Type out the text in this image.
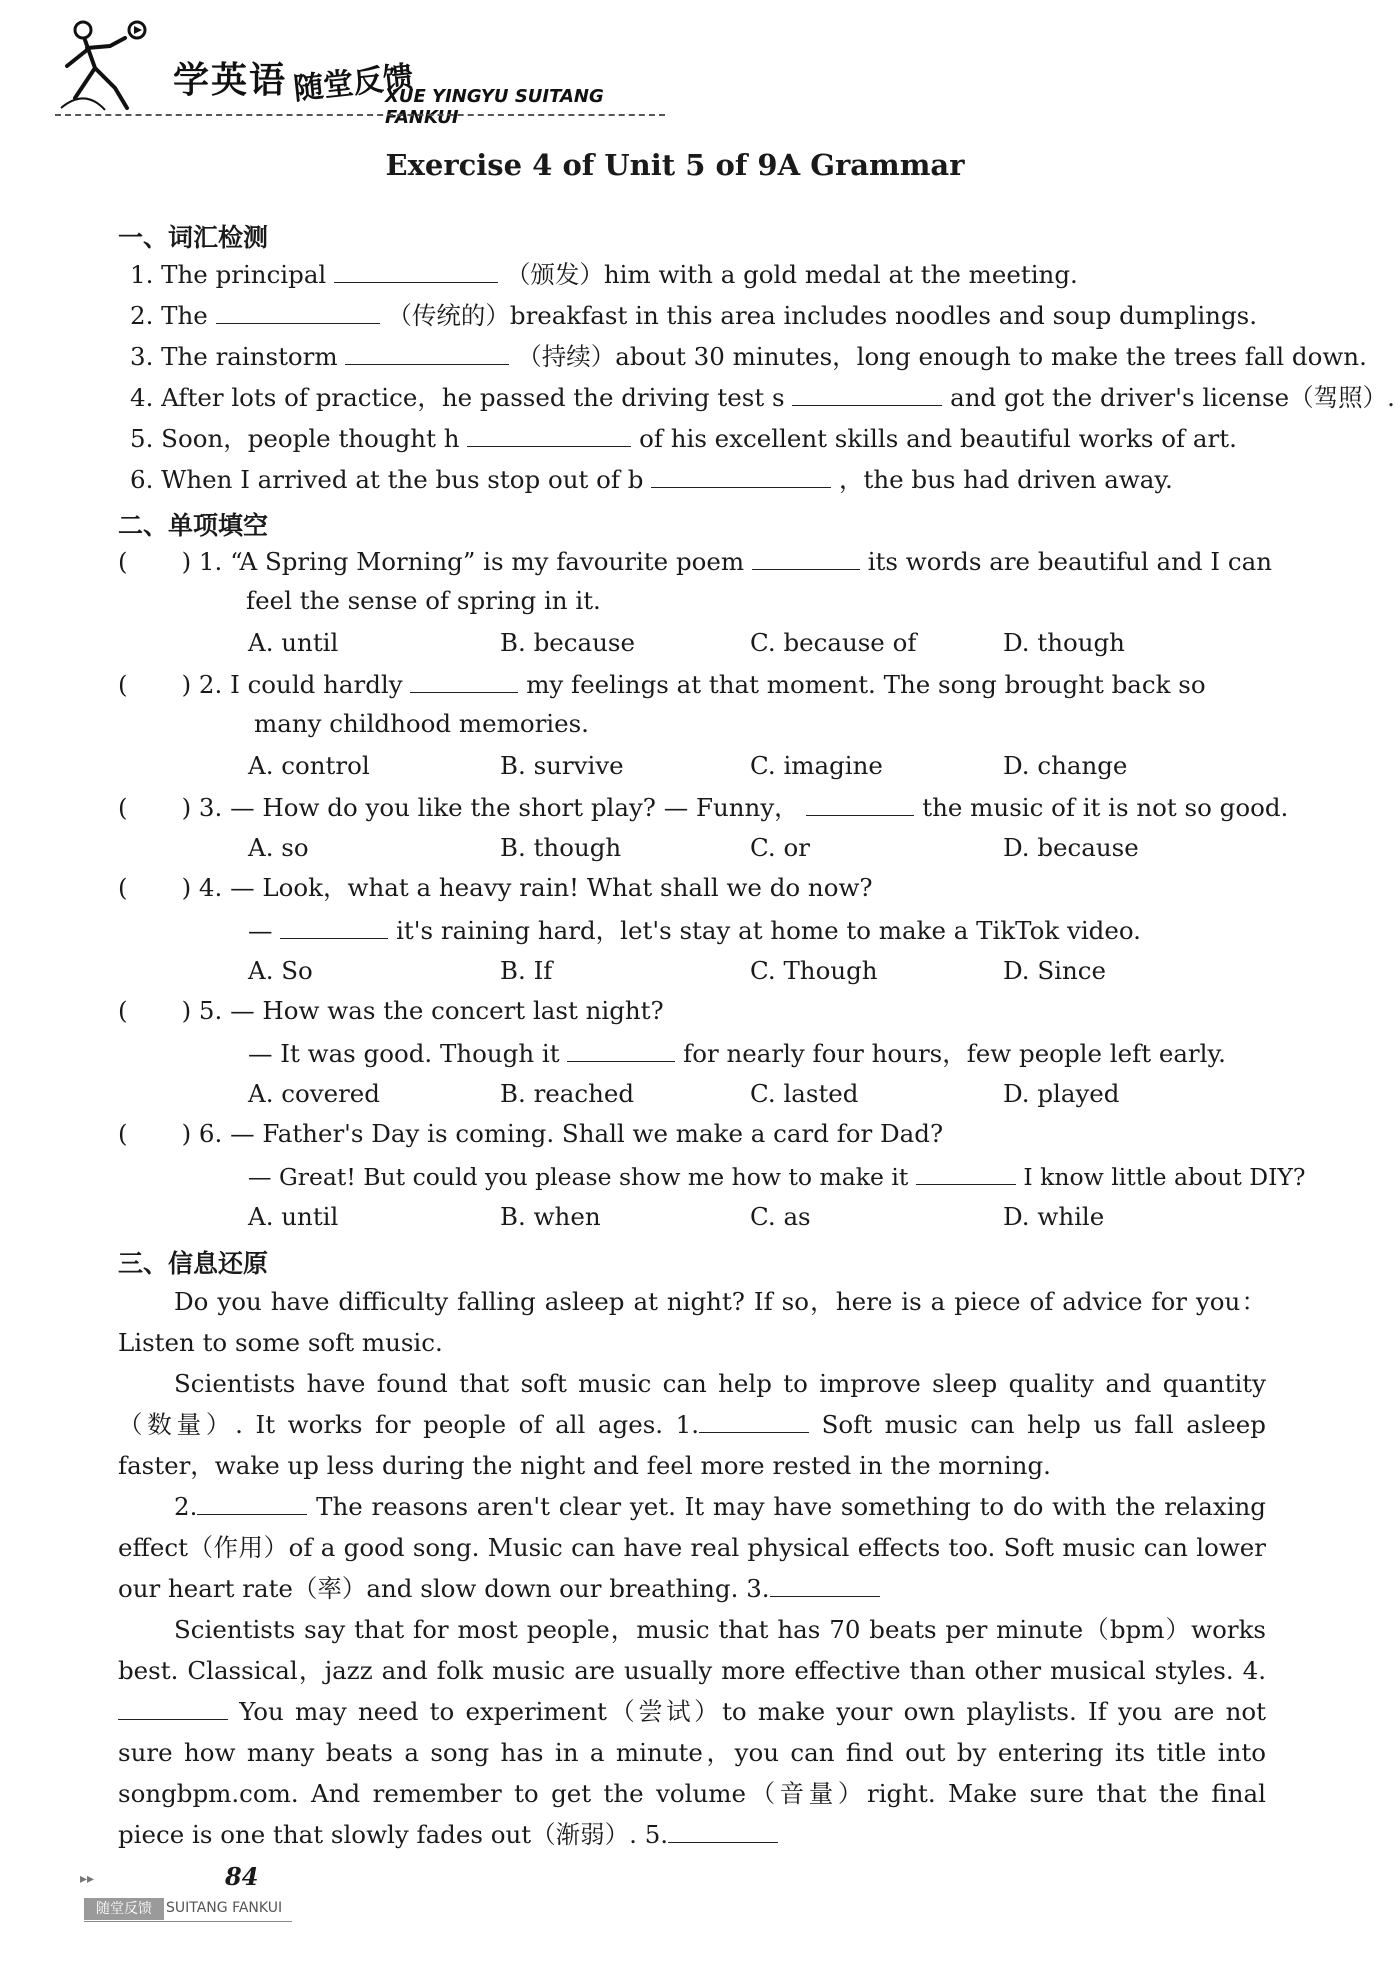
学英语 随堂反馈
XUE YINGYU SUITANG FANKUI
Exercise 4 of Unit 5 of 9A Grammar
一、词汇检测
1. The principal	（颁发）him with a gold medal at the meeting.
2. The	（传统的）breakfast in this area includes noodles and soup dumplings.
3. The rainstorm	（持续）about 30 minutes，long enough to make the trees fall down.
4. After lots of practice，he passed the driving test s	and got the driver's license（驾照）.
5. Soon，people thought h	of his excellent skills and beautiful works of art.
6. When I arrived at the bus stop out of b	，the bus had driven away.
二、单项填空
( ) 1. “A Spring Morning” is my favourite poem	its words are beautiful and I can
feel the sense of spring in it.
A. until	B. because	C. because of	D. though
( ) 2. I could hardly	my feelings at that moment. The song brought back so
many childhood memories.
A. control	B. survive	C. imagine	D. change
( ) 3. — How do you like the short play? — Funny，	the music of it is not so good.
A. so	B. though	C. or	D. because
( ) 4. — Look，what a heavy rain! What shall we do now?
—	it's raining hard，let's stay at home to make a TikTok video.
A. So	B. If	C. Though	D. Since
( ) 5. — How was the concert last night?
— It was good. Though it	for nearly four hours，few people left early.
A. covered	B. reached	C. lasted	D. played
( ) 6. — Father's Day is coming. Shall we make a card for Dad?
— Great! But could you please show me how to make it	I know little about DIY?
A. until	B. when	C. as	D. while
三、信息还原
Do you have difficulty falling asleep at night? If so，here is a piece of advice for you：Listen to some soft music.
Scientists have found that soft music can help to improve sleep quality and quantity（数量）. It works for people of all ages. 1.	Soft music can help us fall asleep faster，wake up less during the night and feel more rested in the morning.
2.	The reasons aren't clear yet. It may have something to do with the relaxing effect（作用）of a good song. Music can have real physical effects too. Soft music can lower our heart rate（率）and slow down our breathing. 3.
Scientists say that for most people，music that has 70 beats per minute（bpm）works best. Classical，jazz and folk music are usually more effective than other musical styles. 4. You may need to experiment（尝试）to make your own playlists. If you are not sure how many beats a song has in a minute，you can find out by entering its title into songbpm.com. And remember to get the volume（音量）right. Make sure that the final piece is one that slowly fades out（渐弱）. 5.
▸▸	84
随堂反馈	SUITANG FANKUI
